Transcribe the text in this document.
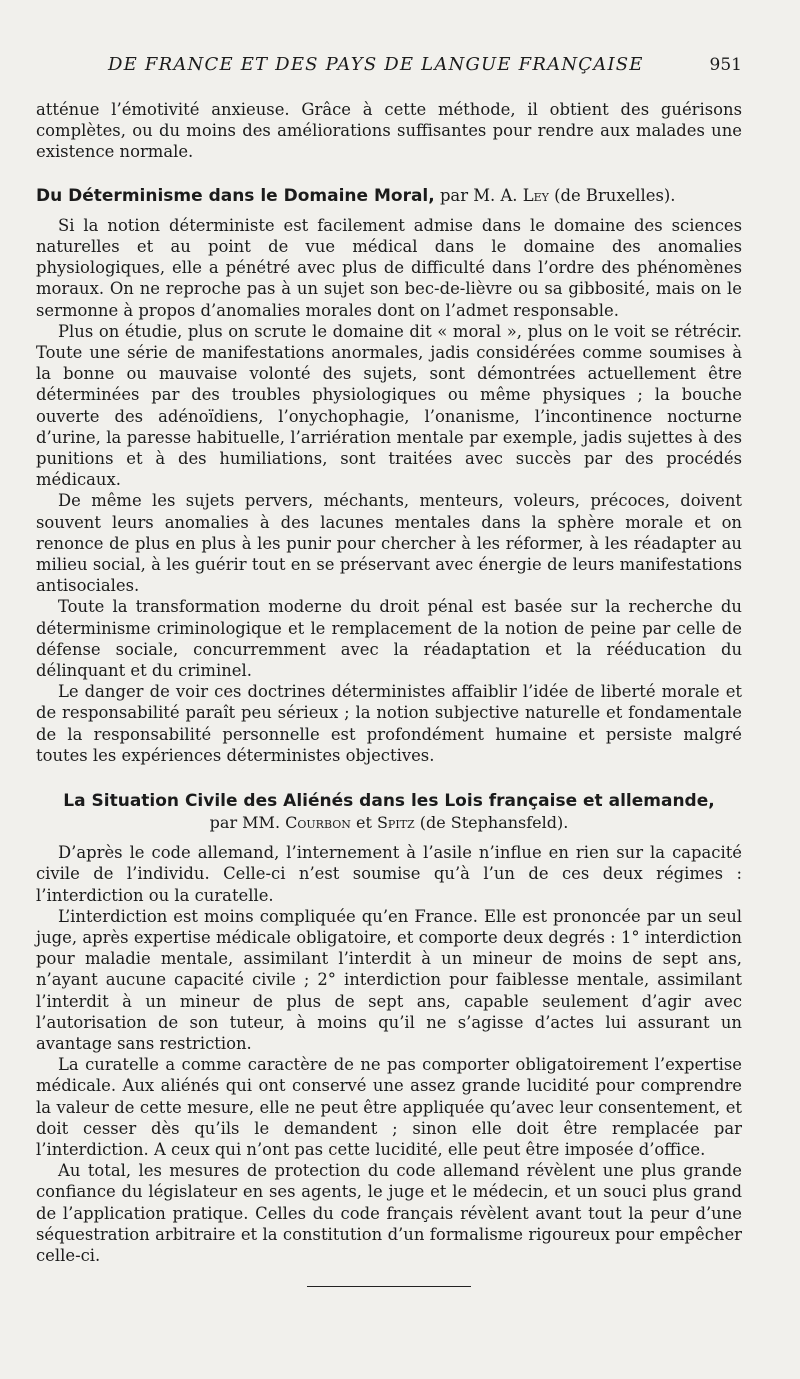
DE FRANCE ET DES PAYS DE LANGUE FRANÇAISE	951

atténue l’émotivité anxieuse. Grâce à cette méthode, il obtient des guérisons complètes, ou du moins des améliorations suffisantes pour rendre aux malades une existence normale.

Du Déterminisme dans le Domaine Moral, par M. A. Ley (de Bruxelles).

Si la notion déterministe est facilement admise dans le domaine des sciences naturelles et au point de vue médical dans le domaine des anomalies physiologiques, elle a pénétré avec plus de difficulté dans l’ordre des phénomènes moraux. On ne reproche pas à un sujet son bec-de-lièvre ou sa gibbosité, mais on le sermonne à propos d’anomalies morales dont on l’admet responsable.

Plus on étudie, plus on scrute le domaine dit « moral », plus on le voit se rétrécir. Toute une série de manifestations anormales, jadis considérées comme soumises à la bonne ou mauvaise volonté des sujets, sont démontrées actuellement être déterminées par des troubles physiologiques ou même physiques ; la bouche ouverte des adénoïdiens, l’onychophagie, l’onanisme, l’incontinence nocturne d’urine, la paresse habituelle, l’arriération mentale par exemple, jadis sujettes à des punitions et à des humiliations, sont traitées avec succès par des procédés médicaux.

De même les sujets pervers, méchants, menteurs, voleurs, précoces, doivent souvent leurs anomalies à des lacunes mentales dans la sphère morale et on renonce de plus en plus à les punir pour chercher à les réformer, à les réadapter au milieu social, à les guérir tout en se préservant avec énergie de leurs manifestations antisociales.

Toute la transformation moderne du droit pénal est basée sur la recherche du déterminisme criminologique et le remplacement de la notion de peine par celle de défense sociale, concurremment avec la réadaptation et la rééducation du délinquant et du criminel.

Le danger de voir ces doctrines déterministes affaiblir l’idée de liberté morale et de responsabilité paraît peu sérieux ; la notion subjective naturelle et fondamentale de la responsabilité personnelle est profondément humaine et persiste malgré toutes les expériences déterministes objectives.

La Situation Civile des Aliénés dans les Lois française et allemande,
par MM. Courbon et Spitz (de Stephansfeld).

D’après le code allemand, l’internement à l’asile n’influe en rien sur la capacité civile de l’individu. Celle-ci n’est soumise qu’à l’un de ces deux régimes : l’interdiction ou la curatelle.

L’interdiction est moins compliquée qu’en France. Elle est prononcée par un seul juge, après expertise médicale obligatoire, et comporte deux degrés : 1° interdiction pour maladie mentale, assimilant l’interdit à un mineur de moins de sept ans, n’ayant aucune capacité civile ; 2° interdiction pour faiblesse mentale, assimilant l’interdit à un mineur de plus de sept ans, capable seulement d’agir avec l’autorisation de son tuteur, à moins qu’il ne s’agisse d’actes lui assurant un avantage sans restriction.

La curatelle a comme caractère de ne pas comporter obligatoirement l’expertise médicale. Aux aliénés qui ont conservé une assez grande lucidité pour comprendre la valeur de cette mesure, elle ne peut être appliquée qu’avec leur consentement, et doit cesser dès qu’ils le demandent ; sinon elle doit être remplacée par l’interdiction. A ceux qui n’ont pas cette lucidité, elle peut être imposée d’office.

Au total, les mesures de protection du code allemand révèlent une plus grande confiance du législateur en ses agents, le juge et le médecin, et un souci plus grand de l’application pratique. Celles du code français révèlent avant tout la peur d’une séquestration arbitraire et la constitution d’un formalisme rigoureux pour empêcher celle-ci.
